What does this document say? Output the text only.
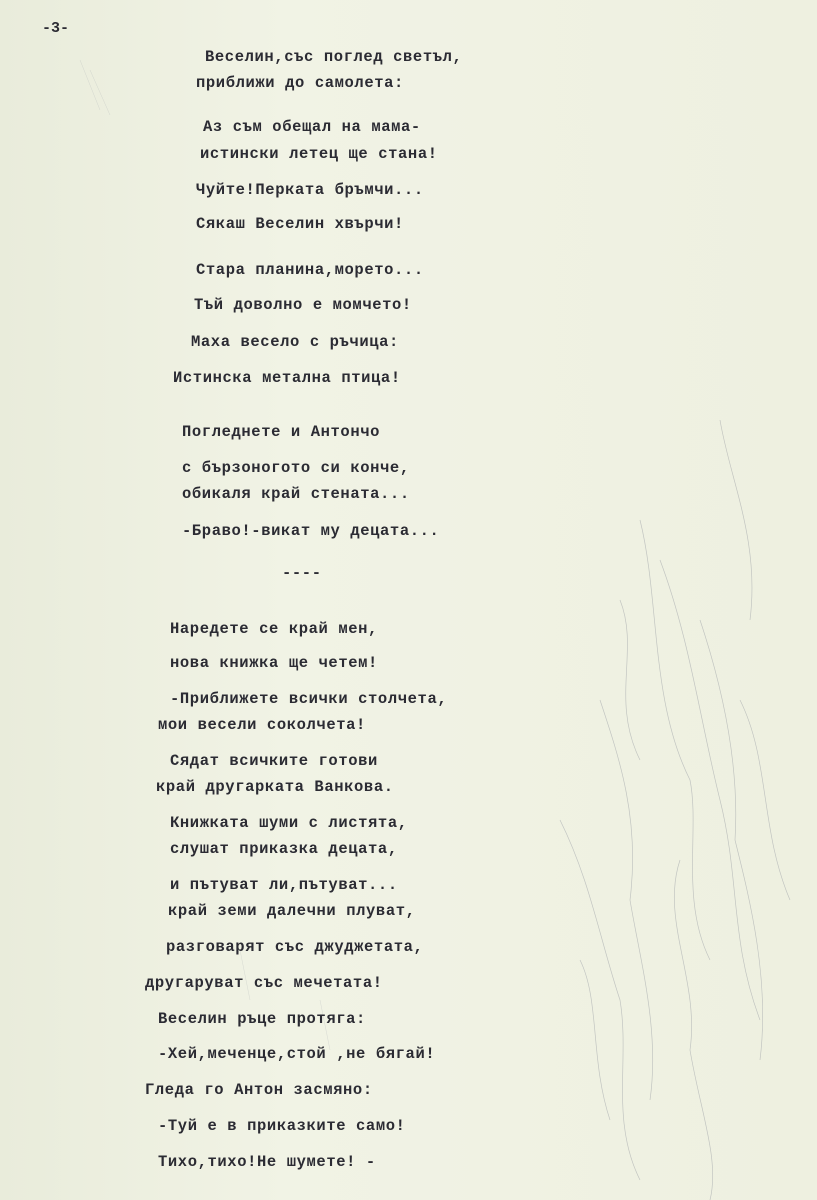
-3-
Веселин,със поглед светъл,
приближи до самолета:
Аз съм обещал на мама-
истински летец ще стана!
Чуйте!Перката бръмчи...
Сякаш Веселин хвърчи!
Стара планина,морето...
Тъй доволно е момчето!
Маха весело с ръчица:
Истинска метална птица!
Погледнете и Антончо
с бързоногото си конче,
обикаля край стената...
-Браво!-викат му децата...
----
Наредете се край мен,
нова книжка ще четем!
-Приближете всички столчета,
мои весели соколчета!
Сядат всичките готови
край другарката Ванкова.
Книжката шуми с листята,
слушат приказка децата,
и пътуват ли,пътуват...
край земи далечни плуват,
разговарят със джуджетата,
другаруват със мечетата!
Веселин ръце протяга:
-Хей,меченце,стой ,не бягай!
Гледа го Антон засмяно:
-Туй е в приказките само!
Тихо,тихо!Не шумете! -
